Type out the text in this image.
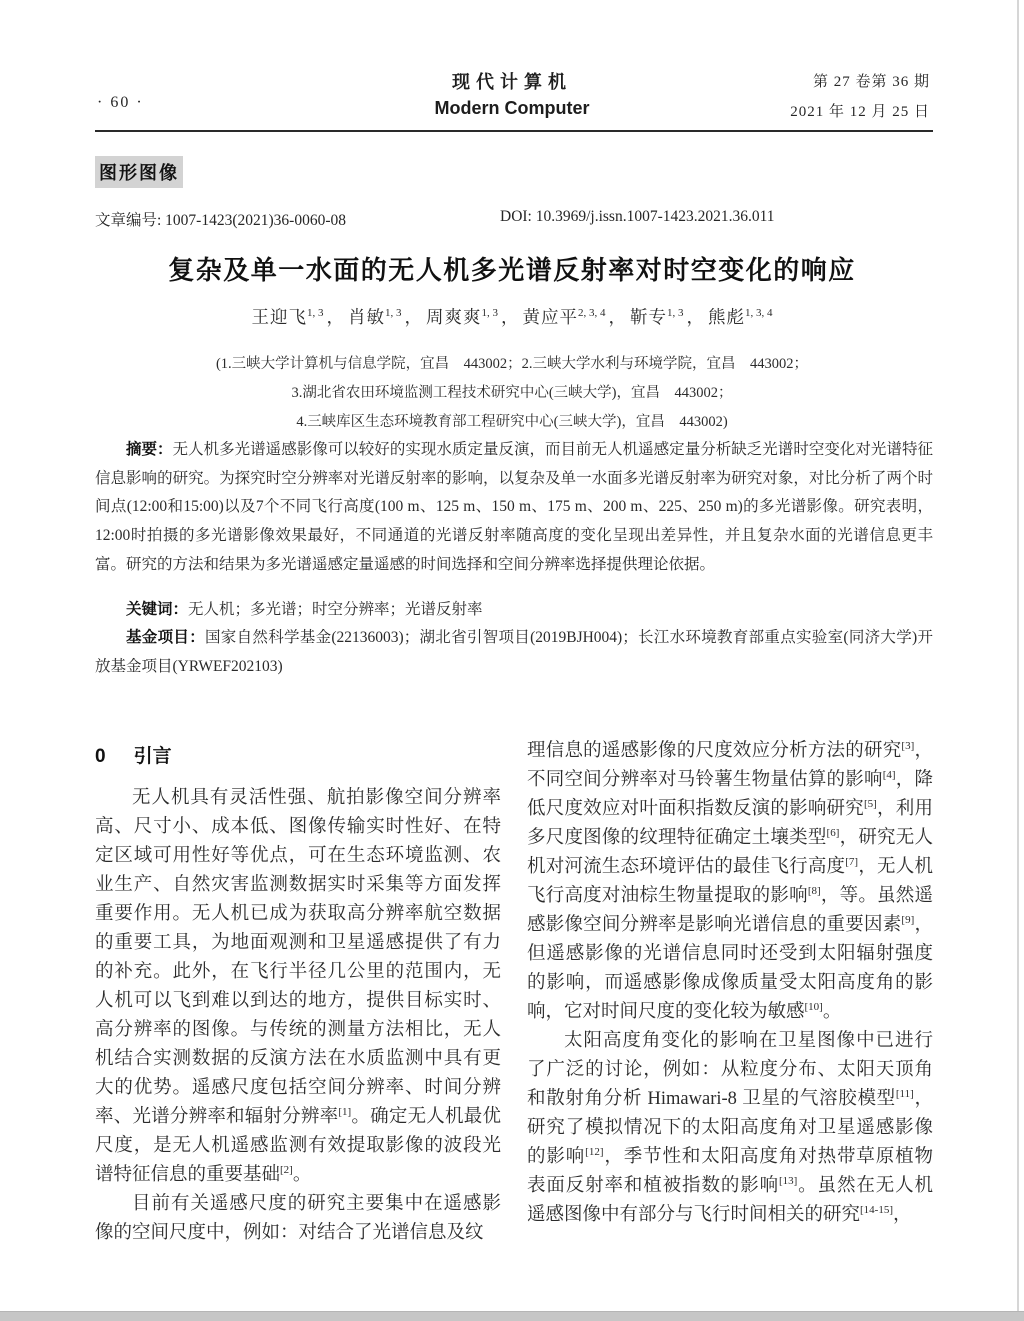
· 60 ·
现代计算机
Modern Computer
第 27 卷第 36 期
2021 年 12 月 25 日
图形图像
文章编号: 1007-1423(2021)36-0060-08	DOI: 10.3969/j.issn.1007-1423.2021.36.011
复杂及单一水面的无人机多光谱反射率对时空变化的响应
王迎飞$^{1, 3}$ ， 肖敏$^{1, 3}$ ， 周爽爽$^{1, 3}$ ， 黄应平$^{2, 3, 4}$ ， 靳专$^{1, 3}$ ， 熊彪$^{1, 3, 4}$
(1.三峡大学计算机与信息学院，宜昌　443002；2.三峡大学水利与环境学院，宜昌　443002；
3.湖北省农田环境监测工程技术研究中心(三峡大学)，宜昌　443002；
4.三峡库区生态环境教育部工程研究中心(三峡大学)，宜昌　443002)
摘要：无人机多光谱遥感影像可以较好的实现水质定量反演，而目前无人机遥感定量分析缺乏光谱时空变化对光谱特征信息影响的研究。为探究时空分辨率对光谱反射率的影响，以复杂及单一水面多光谱反射率为研究对象，对比分析了两个时间点(12:00和15:00)以及7个不同飞行高度(100 m、125 m、150 m、175 m、200 m、225、250 m)的多光谱影像。研究表明，12:00时拍摄的多光谱影像效果最好，不同通道的光谱反射率随高度的变化呈现出差异性，并且复杂水面的光谱信息更丰富。研究的方法和结果为多光谱遥感定量遥感的时间选择和空间分辨率选择提供理论依据。
关键词：无人机；多光谱；时空分辨率；光谱反射率
基金项目：国家自然科学基金(22136003)；湖北省引智项目(2019BJH004)；长江水环境教育部重点实验室(同济大学)开放基金项目(YRWEF202103)
0 引言

无人机具有灵活性强、航拍影像空间分辨率高、尺寸小、成本低、图像传输实时性好、在特定区域可用性好等优点，可在生态环境监测、农业生产、自然灾害监测数据实时采集等方面发挥重要作用。无人机已成为获取高分辨率航空数据的重要工具，为地面观测和卫星遥感提供了有力的补充。此外，在飞行半径几公里的范围内，无人机可以飞到难以到达的地方，提供目标实时、高分辨率的图像。与传统的测量方法相比，无人机结合实测数据的反演方法在水质监测中具有更大的优势。遥感尺度包括空间分辨率、时间分辨率、光谱分辨率和辐射分辨率[1]。确定无人机最优尺度，是无人机遥感监测有效提取影像的波段光谱特征信息的重要基础[2]。

目前有关遥感尺度的研究主要集中在遥感影像的空间尺度中，例如：对结合了光谱信息及纹

理信息的遥感影像的尺度效应分析方法的研究[3]，不同空间分辨率对马铃薯生物量估算的影响[4]，降低尺度效应对叶面积指数反演的影响研究[5]，利用多尺度图像的纹理特征确定土壤类型[6]，研究无人机对河流生态环境评估的最佳飞行高度[7]，无人机飞行高度对油棕生物量提取的影响[8]，等。虽然遥感影像空间分辨率是影响光谱信息的重要因素[9]，但遥感影像的光谱信息同时还受到太阳辐射强度的影响，而遥感影像成像质量受太阳高度角的影响，它对时间尺度的变化较为敏感[10]。

太阳高度角变化的影响在卫星图像中已进行了广泛的讨论，例如：从粒度分布、太阳天顶角和散射角分析 Himawari-8 卫星的气溶胶模型[11]，研究了模拟情况下的太阳高度角对卫星遥感影像的影响[12]，季节性和太阳高度角对热带草原植物表面反射率和植被指数的影响[13]。虽然在无人机遥感图像中有部分与飞行时间相关的研究[14-15]，
